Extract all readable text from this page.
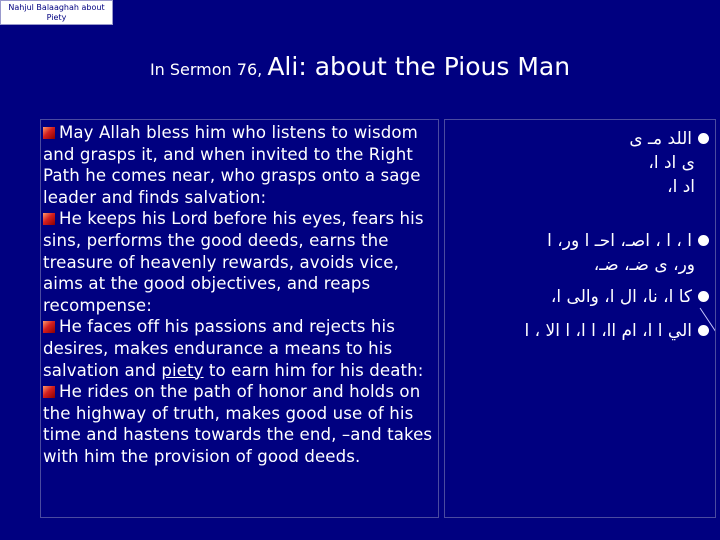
Nahjul Balaaghah about Piety
In Sermon 76, Ali: about the Pious Man

May Allah bless him who listens to wisdom and grasps it, and when invited to the Right Path he comes near, who grasps onto a sage leader and finds salvation:

He keeps his Lord before his eyes, fears his sins, performs the good deeds, earns the treasure of heavenly rewards, avoids vice, aims at the good objectives, and reaps recompense:

He faces off his passions and rejects his desires, makes endurance a means to his salvation and piety to earn him for his death:

He rides on the path of honor and holds on the highway of truth, makes good use of his time and hastens towards the end, –and takes with him the provision of good deeds.

اللد مـ ى
ى اد ا،
اد ا،
ا ، ا ، اصـ، احـ ا ور، ا
ور، ى ضـ، ضـ،
كا ا، نا، ال ا، والى ا،
الي ا ا، ام اا، ا ا، ا الا ، ا
